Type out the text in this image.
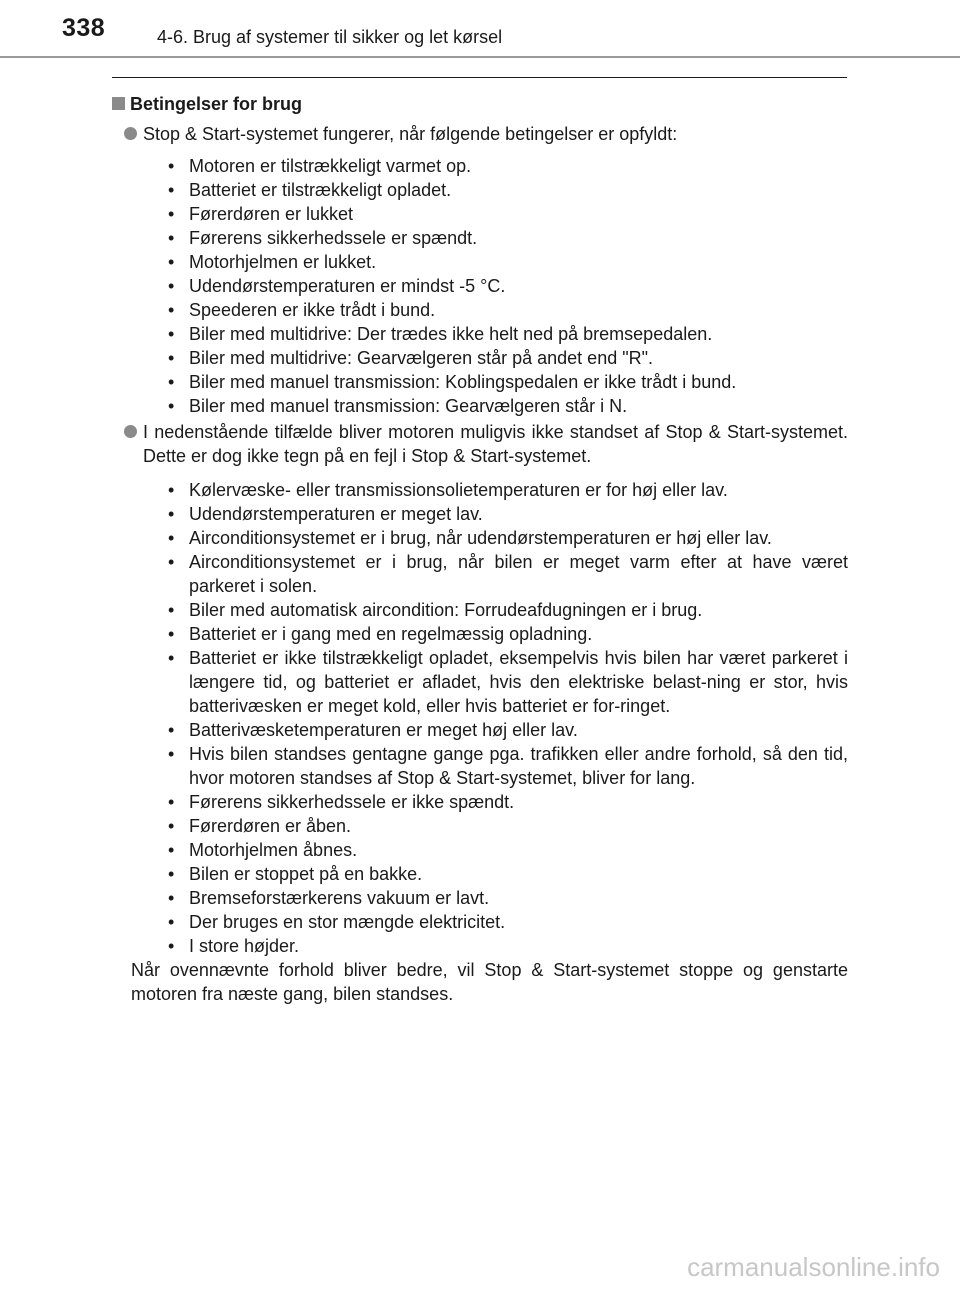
338	4-6. Brug af systemer til sikker og let kørsel
Betingelser for brug
Stop & Start-systemet fungerer, når følgende betingelser er opfyldt:
• Motoren er tilstrækkeligt varmet op.
• Batteriet er tilstrækkeligt opladet.
• Førerdøren er lukket
• Førerens sikkerhedssele er spændt.
• Motorhjelmen er lukket.
• Udendørstemperaturen er mindst -5 °C.
• Speederen er ikke trådt i bund.
• Biler med multidrive: Der trædes ikke helt ned på bremsepedalen.
• Biler med multidrive: Gearvælgeren står på andet end "R".
• Biler med manuel transmission: Koblingspedalen er ikke trådt i bund.
• Biler med manuel transmission: Gearvælgeren står i N.
I nedenstående tilfælde bliver motoren muligvis ikke standset af Stop & Start-systemet. Dette er dog ikke tegn på en fejl i Stop & Start-systemet.
• Kølervæske- eller transmissionsolietemperaturen er for høj eller lav.
• Udendørstemperaturen er meget lav.
• Airconditionsystemet er i brug, når udendørstemperaturen er høj eller lav.
• Airconditionsystemet er i brug, når bilen er meget varm efter at have været parkeret i solen.
• Biler med automatisk aircondition: Forrudeafdugningen er i brug.
• Batteriet er i gang med en regelmæssig opladning.
• Batteriet er ikke tilstrækkeligt opladet, eksempelvis hvis bilen har været parkeret i længere tid, og batteriet er afladet, hvis den elektriske belast-ning er stor, hvis batterivæsken er meget kold, eller hvis batteriet er for-ringet.
• Batterivæsketemperaturen er meget høj eller lav.
• Hvis bilen standses gentagne gange pga. trafikken eller andre forhold, så den tid, hvor motoren standses af Stop & Start-systemet, bliver for lang.
• Førerens sikkerhedssele er ikke spændt.
• Førerdøren er åben.
• Motorhjelmen åbnes.
• Bilen er stoppet på en bakke.
• Bremseforstærkerens vakuum er lavt.
• Der bruges en stor mængde elektricitet.
• I store højder.
Når ovennævnte forhold bliver bedre, vil Stop & Start-systemet stoppe og genstarte motoren fra næste gang, bilen standses.
carmanualsonline.info
